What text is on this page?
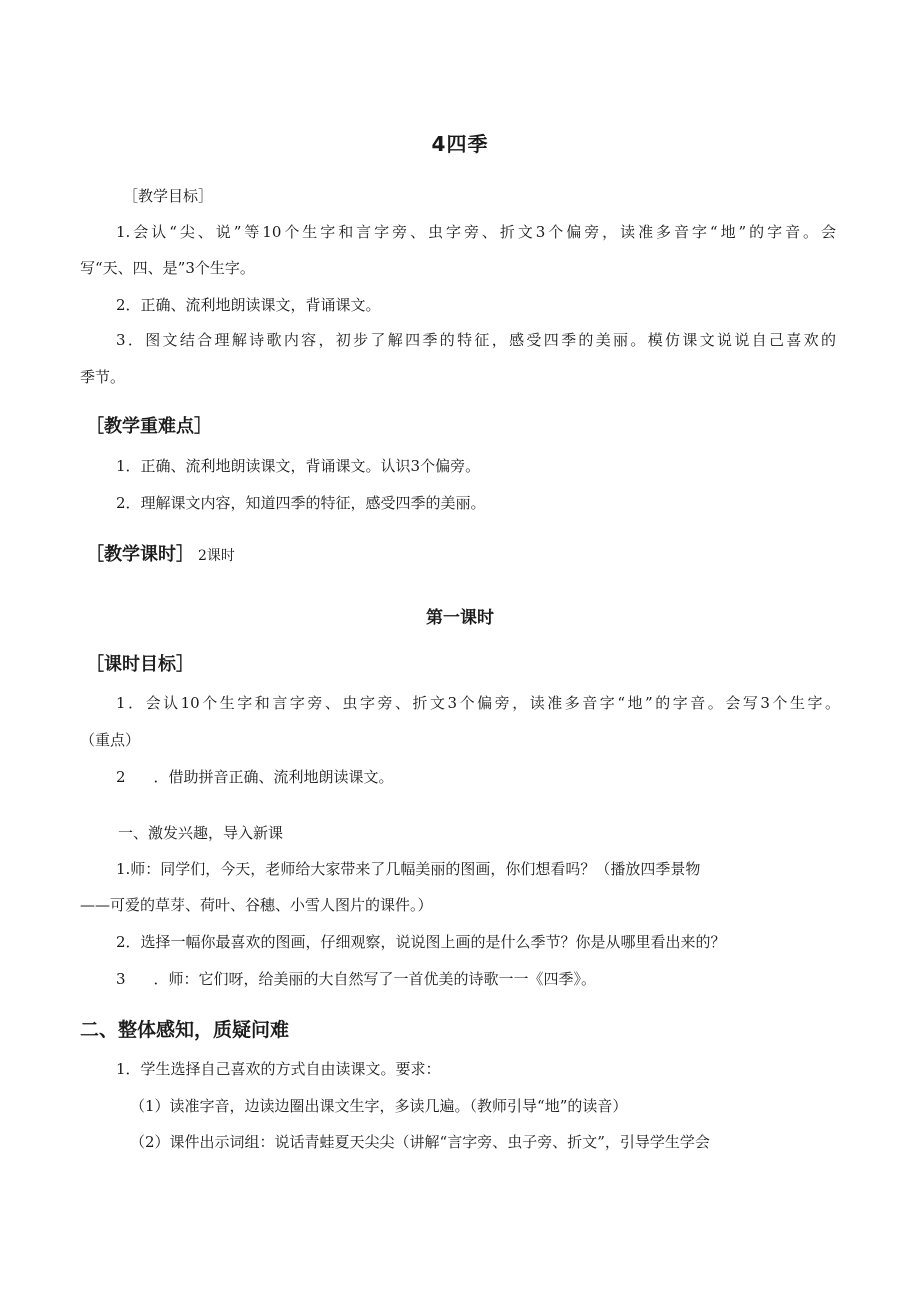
4四季
［教学目标］
1.会认“尖、说”等10个生字和言字旁、虫字旁、折文3个偏旁，读准多音字“地”的字音。会
写“天、四、是”3个生字。
2．正确、流利地朗读课文，背诵课文。
3．图文结合理解诗歌内容，初步了解四季的特征，感受四季的美丽。模仿课文说说自己喜欢的
季节。
［教学重难点］
1．正确、流利地朗读课文，背诵课文。认识3个偏旁。
2．理解课文内容，知道四季的特征，感受四季的美丽。
［教学课时］ 2课时
第一课时
［课时目标］
1．会认10个生字和言字旁、虫字旁、折文3个偏旁，读准多音字“地”的字音。会写3个生字。
（重点）
2 ．借助拼音正确、流利地朗读课文。
一、激发兴趣，导入新课
1.师：同学们，今天，老师给大家带来了几幅美丽的图画，你们想看吗？（播放四季景物
——可爱的草芽、荷叶、谷穗、小雪人图片的课件。）
2．选择一幅你最喜欢的图画，仔细观察，说说图上画的是什么季节？你是从哪里看出来的？
3 ．师：它们呀，给美丽的大自然写了一首优美的诗歌一一《四季》。
二、整体感知，质疑问难
1．学生选择自己喜欢的方式自由读课文。要求：
（1）读准字音，边读边圈出课文生字，多读几遍。（教师引导“地”的读音）
（2）课件出示词组：说话青蛙夏天尖尖（讲解“言字旁、虫子旁、折文”，引导学生学会
